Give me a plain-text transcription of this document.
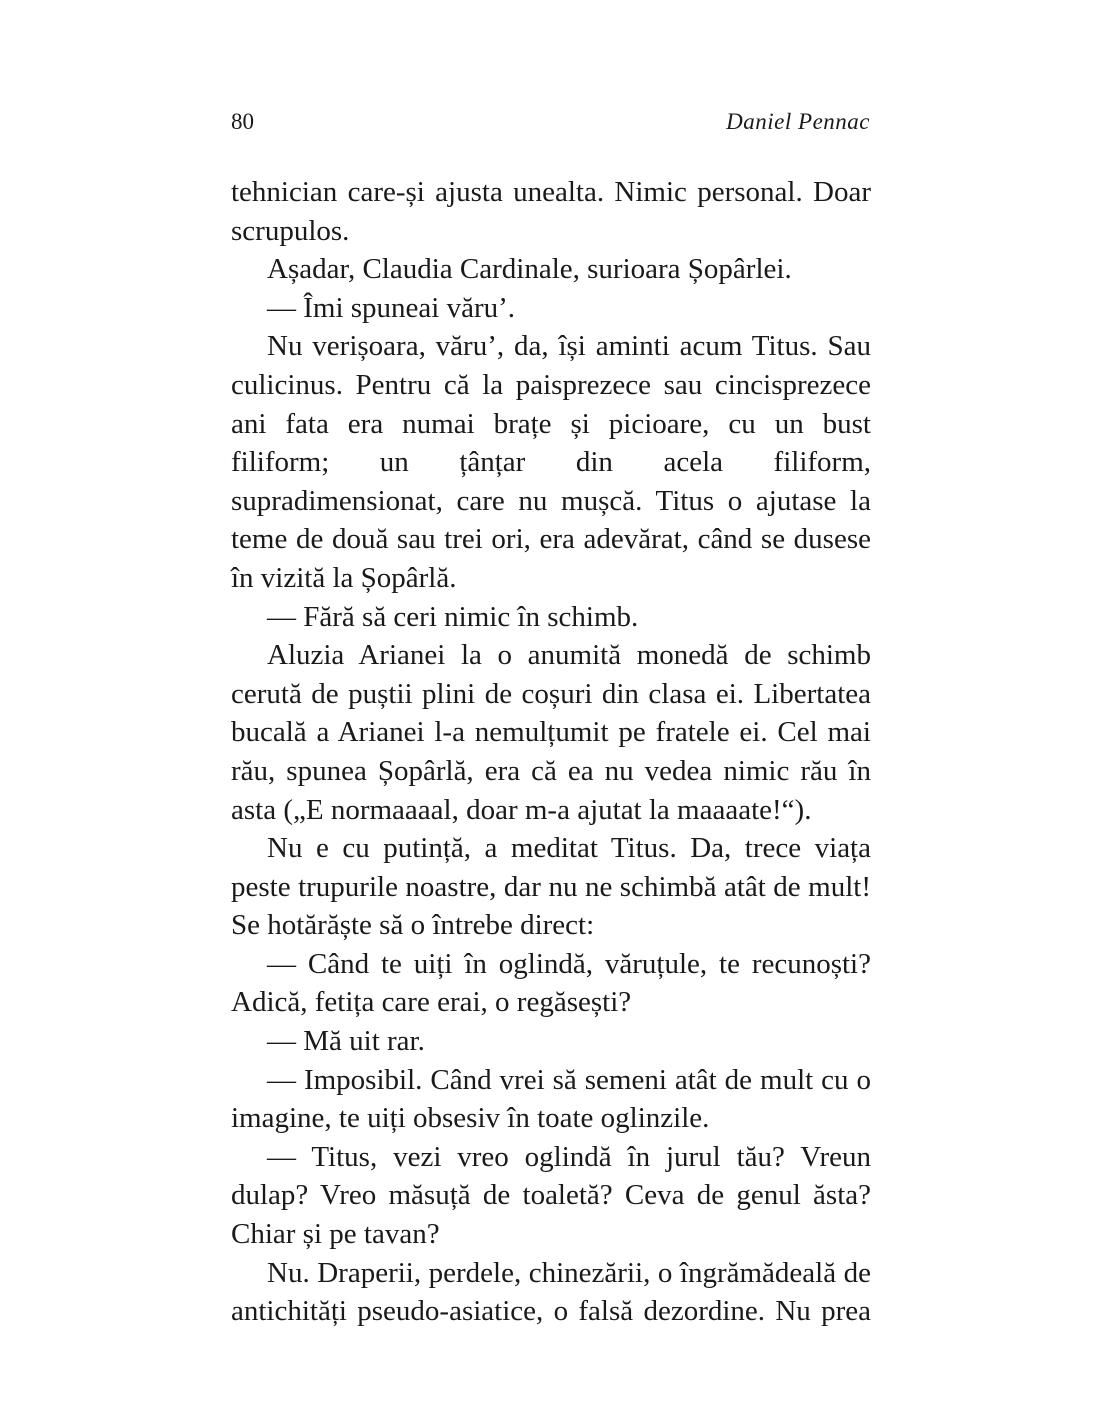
80	Daniel Pennac

tehnician care-și ajusta unealta. Nimic personal. Doar scrupulos.

Așadar, Claudia Cardinale, surioara Șopârlei.

— Îmi spuneai văru’.

Nu verișoara, văru’, da, își aminti acum Titus. Sau culicinus. Pentru că la paisprezece sau cincisprezece ani fata era numai brațe și picioare, cu un bust filiform; un țânțar din acela filiform, supradimensionat, care nu mușcă. Titus o ajutase la teme de două sau trei ori, era adevărat, când se dusese în vizită la Șopârlă.

— Fără să ceri nimic în schimb.

Aluzia Arianei la o anumită monedă de schimb cerută de puștii plini de coșuri din clasa ei. Libertatea bucală a Arianei l-a nemulțumit pe fratele ei. Cel mai rău, spunea Șopârlă, era că ea nu vedea nimic rău în asta („E normaaaal, doar m-a ajutat la maaaate!“).

Nu e cu putință, a meditat Titus. Da, trece viața peste trupurile noastre, dar nu ne schimbă atât de mult! Se hotărăște să o întrebe direct:

— Când te uiți în oglindă, văruțule, te recunoști? Adică, fetița care erai, o regăsești?

— Mă uit rar.

— Imposibil. Când vrei să semeni atât de mult cu o imagine, te uiți obsesiv în toate oglinzile.

— Titus, vezi vreo oglindă în jurul tău? Vreun dulap? Vreo măsuță de toaletă? Ceva de genul ăsta? Chiar și pe tavan?

Nu. Draperii, perdele, chinezării, o îngrămădeală de antichități pseudo-asiatice, o falsă dezordine. Nu prea
